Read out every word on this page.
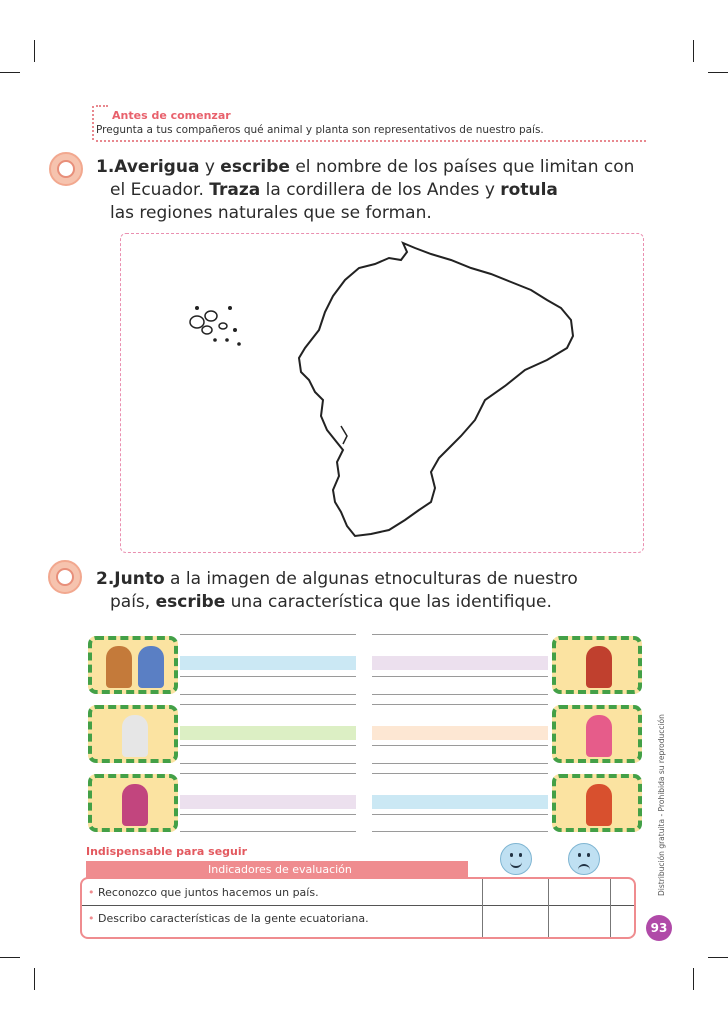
Antes de comenzar
Pregunta a tus compañeros qué animal y planta son representativos de nuestro país.
1.Averigua y escribe el nombre de los países que limitan con
el Ecuador. Traza la cordillera de los Andes y rotula
las regiones naturales que se forman.
2.Junto a la imagen de algunas etnoculturas de nuestro
país, escribe una característica que las identifique.
Indispensable para seguir
Indicadores de evaluación
• Reconozco que juntos hacemos un país.
• Describo características de la gente ecuatoriana.
Distribución gratuita - Prohibida su reproducción
93
